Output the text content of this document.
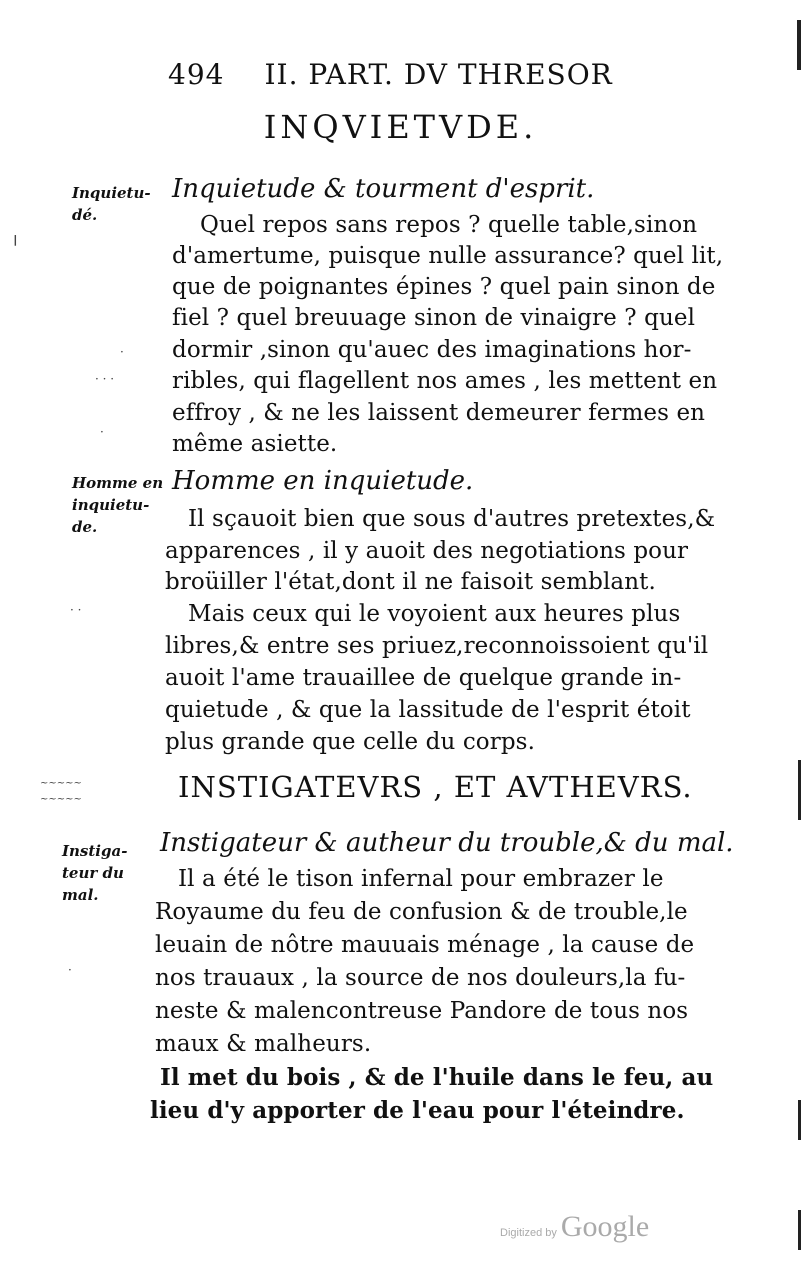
494 II. PART. DV THRESOR
INQVIETVDE.
Inquietu-dé.
Inquietude & tourment d'esprit.
Quel repos sans repos ? quelle table,sinon
d'amertume, puisque nulle assurance? quel lit,
que de poignantes épines ? quel pain sinon de
fiel ? quel breuuage sinon de vinaigre ? quel
dormir ,sinon qu'auec des imaginations hor-
ribles, qui flagellent nos ames , les mettent en
effroy , & ne les laissent demeurer fermes en
même asiette.
Homme en inquietu-de.
Homme en inquietude.
Il sçauoit bien que sous d'autres pretextes,&
apparences , il y auoit des negotiations pour
broüiller l'état,dont il ne faisoit semblant.
Mais ceux qui le voyoient aux heures plus
libres,& entre ses priuez,reconnoissoient qu'il
auoit l'ame trauaillee de quelque grande in-
quietude , & que la lassitude de l'esprit étoit
plus grande que celle du corps.
INSTIGATEVRS , ET AVTHEVRS.
Instiga-teur du mal.
Instigateur & autheur du trouble,& du mal.
Il a été le tison infernal pour embrazer le
Royaume du feu de confusion & de trouble,le
leuain de nôtre mauuais ménage , la cause de
nos trauaux , la source de nos douleurs,la fu-
neste & malencontreuse Pandore de tous nos
maux & malheurs.
Il met du bois , & de l'huile dans le feu, au
lieu d'y apporter de l'eau pour l'éteindre.
╵
·
· · ·
·
· ·
~~~~~
~~~~~
·
Digitized by Google
